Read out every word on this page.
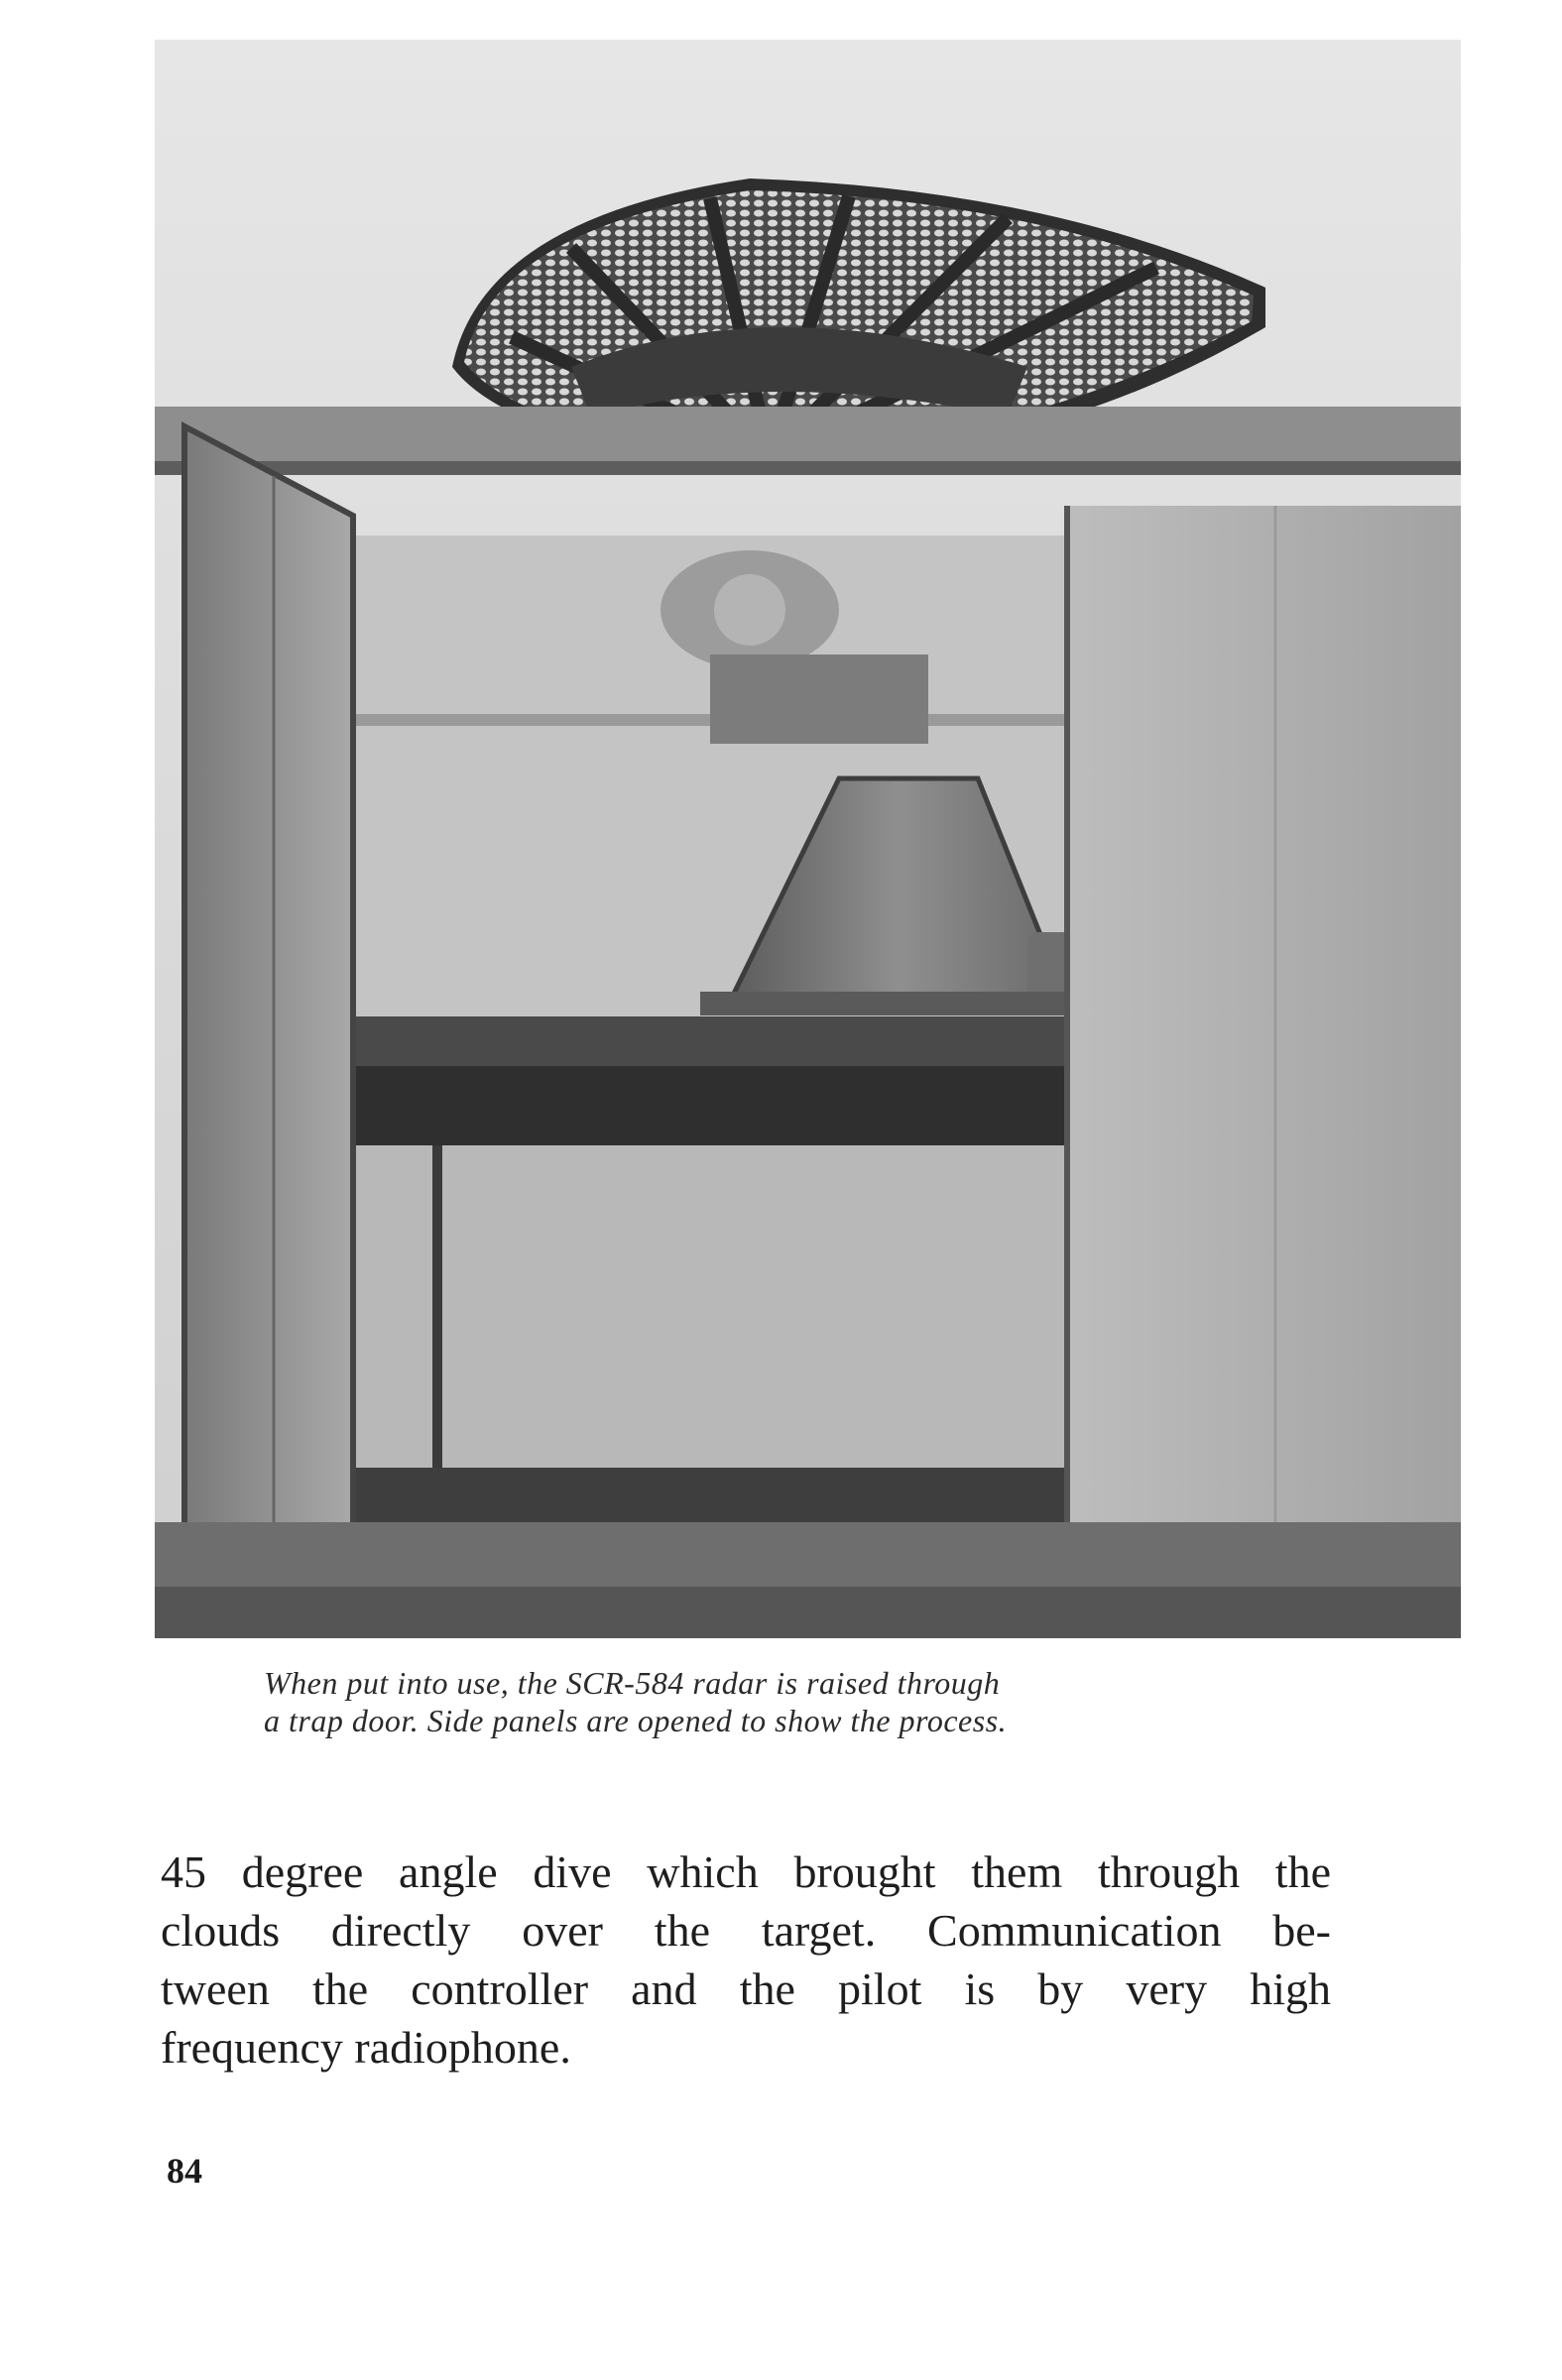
When put into use, the SCR-584 radar is raised through
a trap door. Side panels are opened to show the process.
45 degree angle dive which brought them through the
clouds directly over the target. Communication be-
tween the controller and the pilot is by very high
frequency radiophone.
84
